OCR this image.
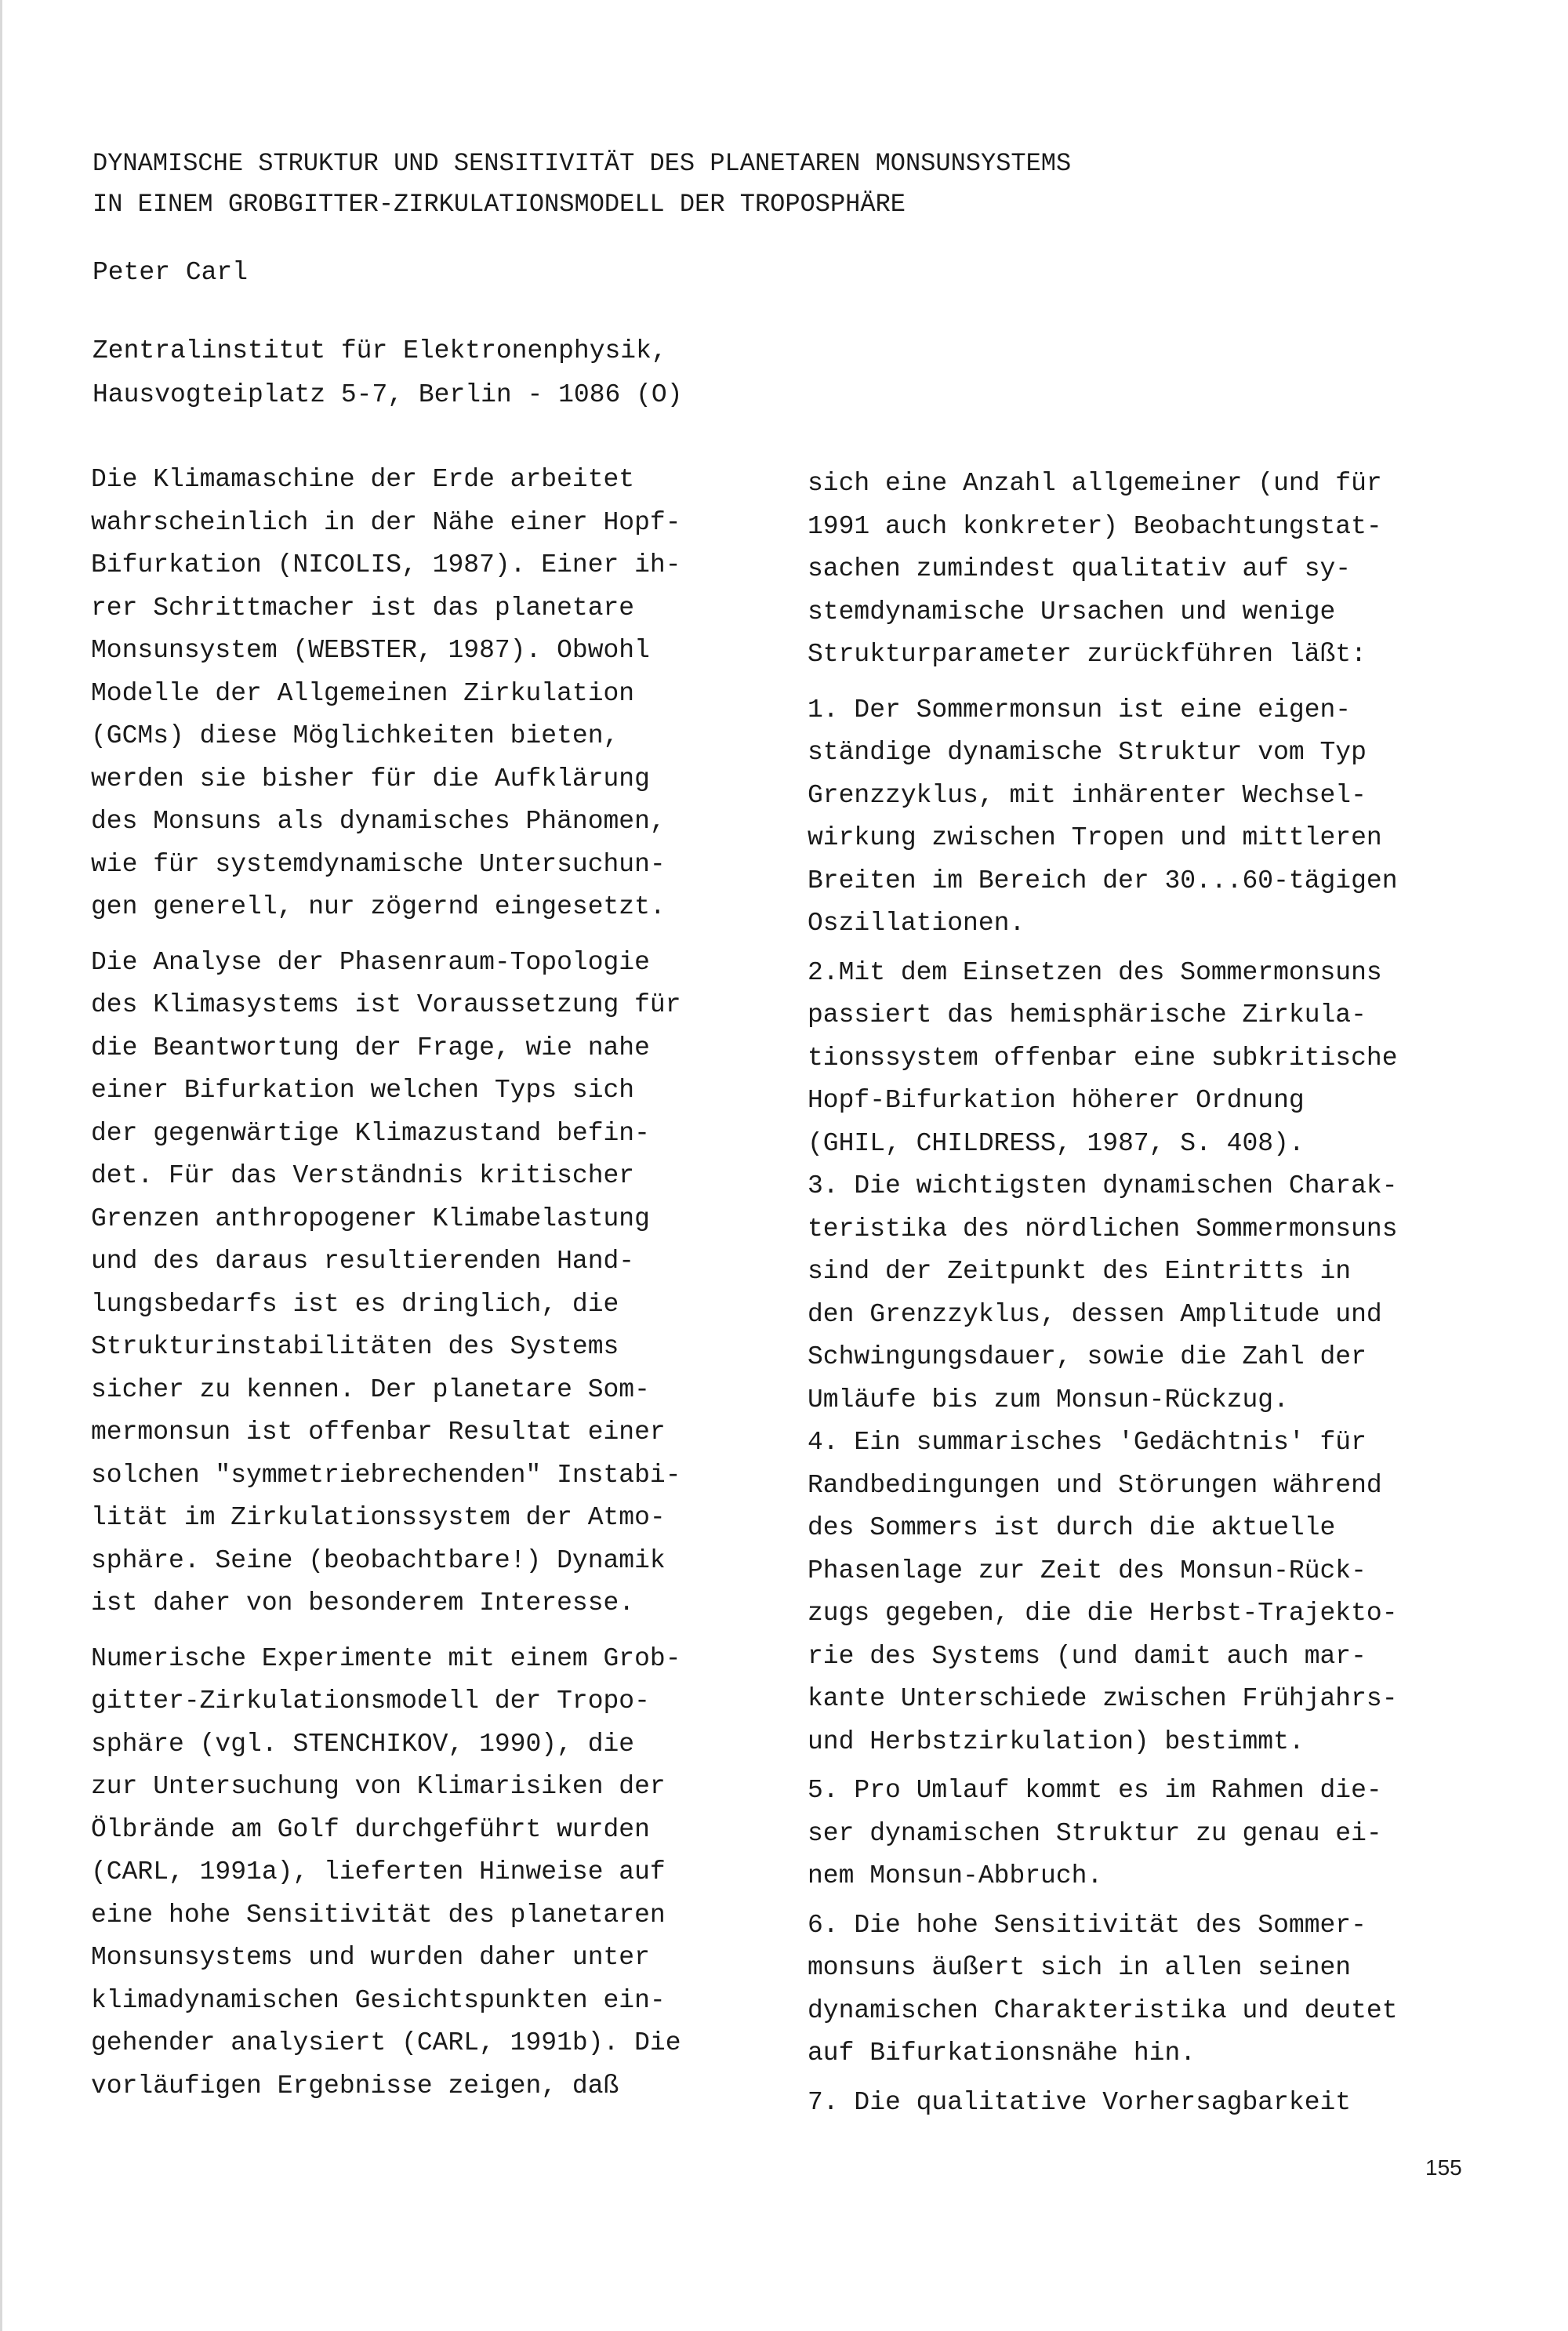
DYNAMISCHE STRUKTUR UND SENSITIVITÄT DES PLANETAREN MONSUNSYSTEMS
IN EINEM GROBGITTER-ZIRKULATIONSMODELL DER TROPOSPHÄRE
Peter Carl
Zentralinstitut für Elektronenphysik,
Hausvogteiplatz 5-7, Berlin - 1086 (O)
Die Klimamaschine der Erde arbeitet
wahrscheinlich in der Nähe einer Hopf-
Bifurkation (NICOLIS, 1987). Einer ih-
rer Schrittmacher ist das planetare
Monsunsystem (WEBSTER, 1987). Obwohl
Modelle der Allgemeinen Zirkulation
(GCMs) diese Möglichkeiten bieten,
werden sie bisher für die Aufklärung
des Monsuns als dynamisches Phänomen,
wie für systemdynamische Untersuchun-
gen generell, nur zögernd eingesetzt.
Die Analyse der Phasenraum-Topologie
des Klimasystems ist Voraussetzung für
die Beantwortung der Frage, wie nahe
einer Bifurkation welchen Typs sich
der gegenwärtige Klimazustand befin-
det. Für das Verständnis kritischer
Grenzen anthropogener Klimabelastung
und des daraus resultierenden Hand-
lungsbedarfs ist es dringlich, die
Strukturinstabilitäten des Systems
sicher zu kennen. Der planetare Som-
mermonsun ist offenbar Resultat einer
solchen "symmetriebrechenden" Instabi-
lität im Zirkulationssystem der Atmo-
sphäre. Seine (beobachtbare!) Dynamik
ist daher von besonderem Interesse.
Numerische Experimente mit einem Grob-
gitter-Zirkulationsmodell der Tropo-
sphäre (vgl. STENCHIKOV, 1990), die
zur Untersuchung von Klimarisiken der
Ölbrände am Golf durchgeführt wurden
(CARL, 1991a), lieferten Hinweise auf
eine hohe Sensitivität des planetaren
Monsunsystems und wurden daher unter
klimadynamischen Gesichtspunkten ein-
gehender analysiert (CARL, 1991b). Die
vorläufigen Ergebnisse zeigen, daß
sich eine Anzahl allgemeiner (und für
1991 auch konkreter) Beobachtungstat-
sachen zumindest qualitativ auf sy-
stemdynamische Ursachen und wenige
Strukturparameter zurückführen läßt:
1. Der Sommermonsun ist eine eigen-
ständige dynamische Struktur vom Typ
Grenzzyklus, mit inhärenter Wechsel-
wirkung zwischen Tropen und mittleren
Breiten im Bereich der 30...60-tägigen
Oszillationen.
2.Mit dem Einsetzen des Sommermonsuns
passiert das hemisphärische Zirkula-
tionssystem offenbar eine subkritische
Hopf-Bifurkation höherer Ordnung
(GHIL, CHILDRESS, 1987, S. 408).
3. Die wichtigsten dynamischen Charak-
teristika des nördlichen Sommermonsuns
sind der Zeitpunkt des Eintritts in
den Grenzzyklus, dessen Amplitude und
Schwingungsdauer, sowie die Zahl der
Umläufe bis zum Monsun-Rückzug.
4. Ein summarisches 'Gedächtnis' für
Randbedingungen und Störungen während
des Sommers ist durch die aktuelle
Phasenlage zur Zeit des Monsun-Rück-
zugs gegeben, die die Herbst-Trajekto-
rie des Systems (und damit auch mar-
kante Unterschiede zwischen Frühjahrs-
und Herbstzirkulation) bestimmt.
5. Pro Umlauf kommt es im Rahmen die-
ser dynamischen Struktur zu genau ei-
nem Monsun-Abbruch.
6. Die hohe Sensitivität des Sommer-
monsuns äußert sich in allen seinen
dynamischen Charakteristika und deutet
auf Bifurkationsnähe hin.
7. Die qualitative Vorhersagbarkeit
155
